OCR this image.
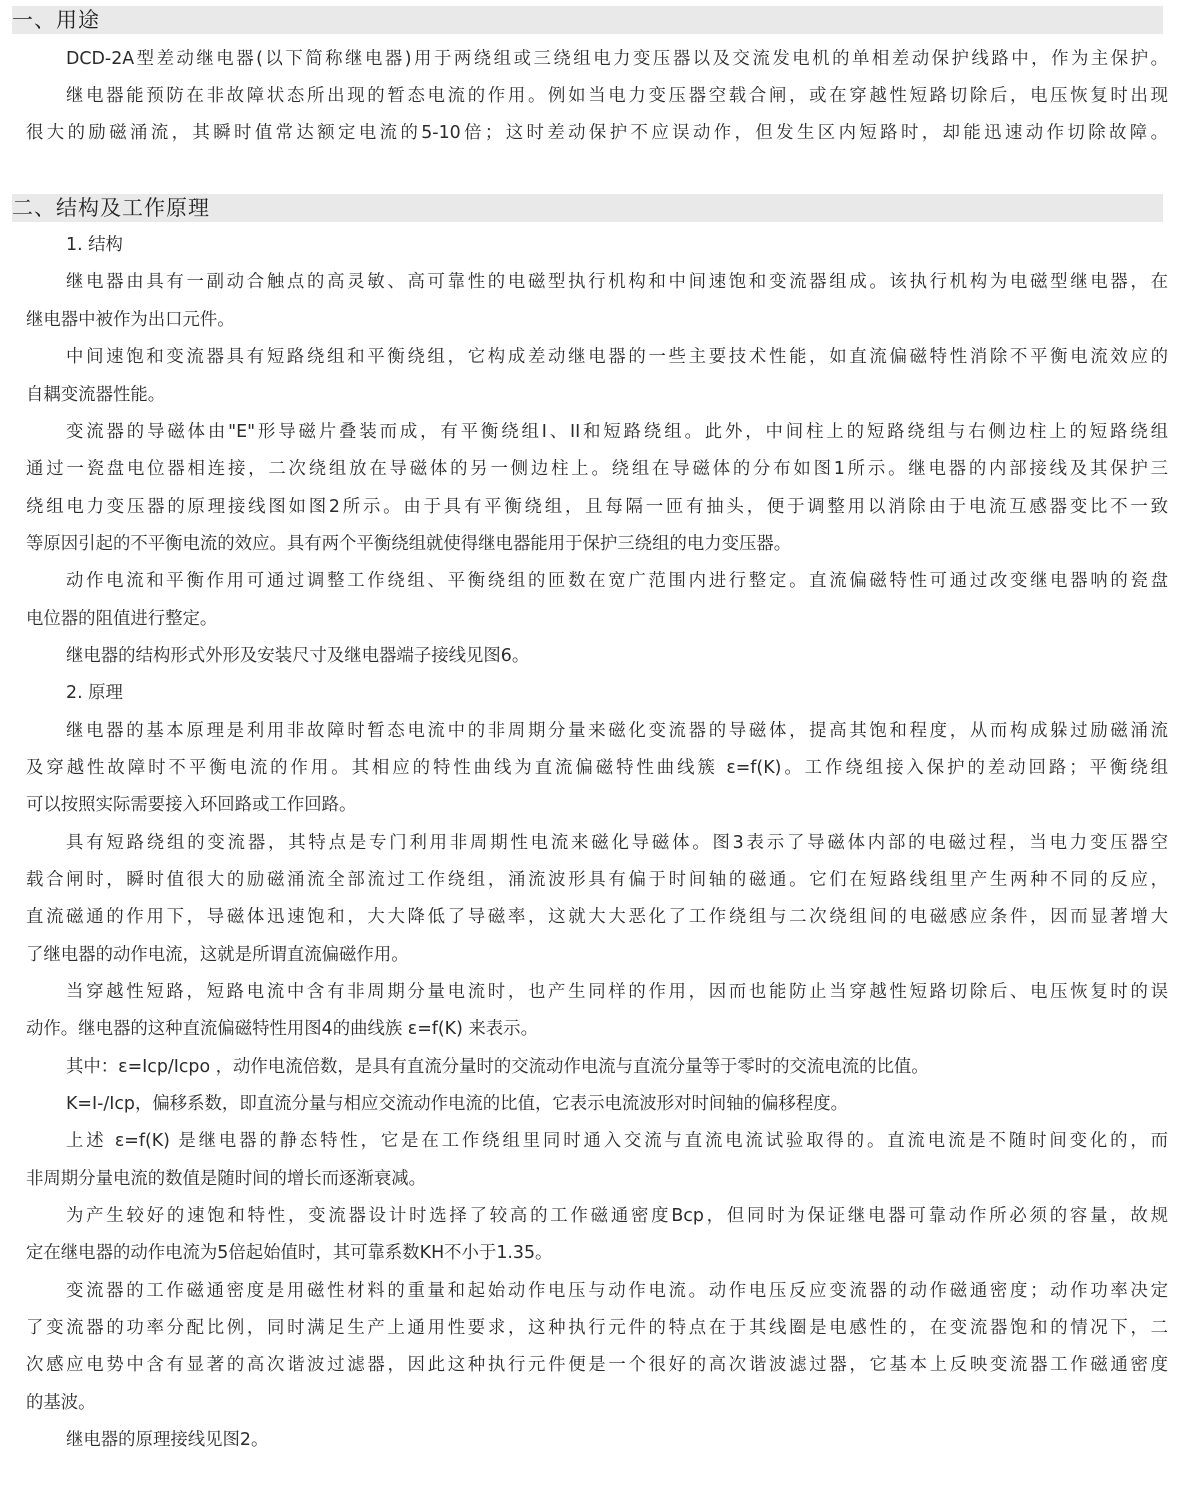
一、用途
DCD-2A型差动继电器(以下简称继电器)用于两绕组或三绕组电力变压器以及交流发电机的单相差动保护线路中，作为主保护。
继电器能预防在非故障状态所出现的暂态电流的作用。例如当电力变压器空载合闸，或在穿越性短路切除后，电压恢复时出现
很大的励磁涌流，其瞬时值常达额定电流的5-10倍；这时差动保护不应误动作，但发生区内短路时，却能迅速动作切除故障。
二、结构及工作原理
1. 结构
继电器由具有一副动合触点的高灵敏、高可靠性的电磁型执行机构和中间速饱和变流器组成。该执行机构为电磁型继电器，在
继电器中被作为出口元件。
中间速饱和变流器具有短路绕组和平衡绕组，它构成差动继电器的一些主要技术性能，如直流偏磁特性消除不平衡电流效应的
自耦变流器性能。
变流器的导磁体由"E"形导磁片叠装而成，有平衡绕组I、II和短路绕组。此外，中间柱上的短路绕组与右侧边柱上的短路绕组
通过一瓷盘电位器相连接，二次绕组放在导磁体的另一侧边柱上。绕组在导磁体的分布如图1所示。继电器的内部接线及其保护三
绕组电力变压器的原理接线图如图2所示。由于具有平衡绕组，且每隔一匝有抽头，便于调整用以消除由于电流互感器变比不一致
等原因引起的不平衡电流的效应。具有两个平衡绕组就使得继电器能用于保护三绕组的电力变压器。
动作电流和平衡作用可通过调整工作绕组、平衡绕组的匝数在宽广范围内进行整定。直流偏磁特性可通过改变继电器呐的瓷盘
电位器的阻值进行整定。
继电器的结构形式外形及安装尺寸及继电器端子接线见图6。
2. 原理
继电器的基本原理是利用非故障时暂态电流中的非周期分量来磁化变流器的导磁体，提高其饱和程度，从而构成躲过励磁涌流
及穿越性故障时不平衡电流的作用。其相应的特性曲线为直流偏磁特性曲线簇 ε=f(K)。工作绕组接入保护的差动回路；平衡绕组
可以按照实际需要接入环回路或工作回路。
具有短路绕组的变流器，其特点是专门利用非周期性电流来磁化导磁体。图3表示了导磁体内部的电磁过程，当电力变压器空
载合闸时，瞬时值很大的励磁涌流全部流过工作绕组，涌流波形具有偏于时间轴的磁通。它们在短路线组里产生两种不同的反应，
直流磁通的作用下，导磁体迅速饱和，大大降低了导磁率，这就大大恶化了工作绕组与二次绕组间的电磁感应条件，因而显著增大
了继电器的动作电流，这就是所谓直流偏磁作用。
当穿越性短路，短路电流中含有非周期分量电流时，也产生同样的作用，因而也能防止当穿越性短路切除后、电压恢复时的误
动作。继电器的这种直流偏磁特性用图4的曲线族 ε=f(K) 来表示。
其中：ε=Icp/Icpo ，动作电流倍数，是具有直流分量时的交流动作电流与直流分量等于零时的交流电流的比值。
K=I-/Icp，偏移系数，即直流分量与相应交流动作电流的比值，它表示电流波形对时间轴的偏移程度。
上述 ε=f(K) 是继电器的静态特性，它是在工作绕组里同时通入交流与直流电流试验取得的。直流电流是不随时间变化的，而
非周期分量电流的数值是随时间的增长而逐渐衰减。
为产生较好的速饱和特性，变流器设计时选择了较高的工作磁通密度Bcp，但同时为保证继电器可靠动作所必须的容量，故规
定在继电器的动作电流为5倍起始值时，其可靠系数KH不小于1.35。
变流器的工作磁通密度是用磁性材料的重量和起始动作电压与动作电流。动作电压反应变流器的动作磁通密度；动作功率决定
了变流器的功率分配比例，同时满足生产上通用性要求，这种执行元件的特点在于其线圈是电感性的，在变流器饱和的情况下，二
次感应电势中含有显著的高次谐波过滤器，因此这种执行元件便是一个很好的高次谐波滤过器，它基本上反映变流器工作磁通密度
的基波。
继电器的原理接线见图2。
